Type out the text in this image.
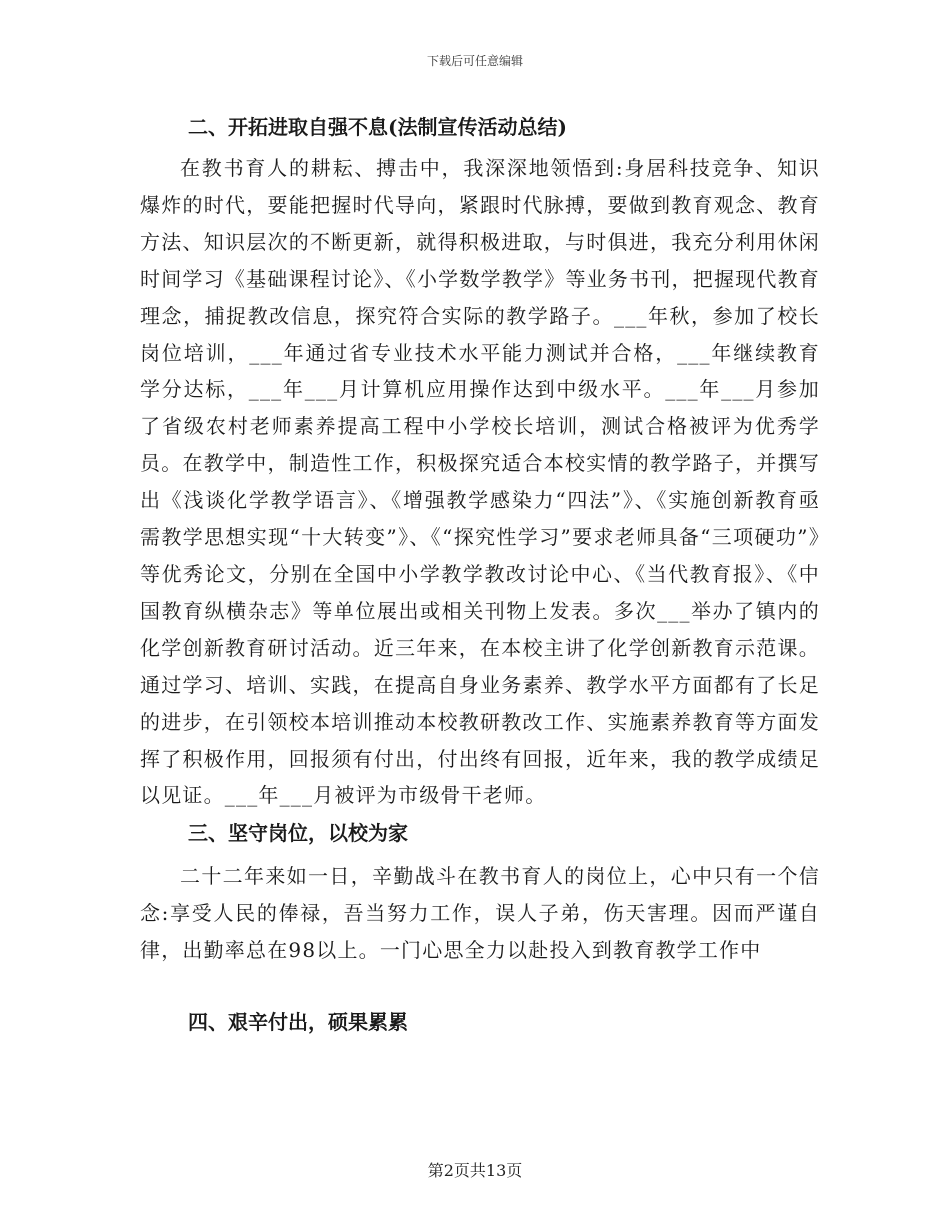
下载后可任意编辑
二、开拓进取自强不息(法制宣传活动总结)

在教书育人的耕耘、搏击中，我深深地领悟到:身居科技竞争、知识爆炸的时代，要能把握时代导向，紧跟时代脉搏，要做到教育观念、教育方法、知识层次的不断更新，就得积极进取，与时俱进，我充分利用休闲时间学习《基础课程讨论》、《小学数学教学》等业务书刊，把握现代教育理念，捕捉教改信息，探究符合实际的教学路子。___年秋，参加了校长岗位培训，___年通过省专业技术水平能力测试并合格，___年继续教育学分达标，___年___月计算机应用操作达到中级水平。___年___月参加了省级农村老师素养提高工程中小学校长培训，测试合格被评为优秀学员。在教学中，制造性工作，积极探究适合本校实情的教学路子，并撰写出《浅谈化学教学语言》、《增强教学感染力“四法”》、《实施创新教育亟需教学思想实现“十大转变”》、《“探究性学习”要求老师具备“三项硬功”》等优秀论文，分别在全国中小学教学教改讨论中心、《当代教育报》、《中国教育纵横杂志》等单位展出或相关刊物上发表。多次___举办了镇内的化学创新教育研讨活动。近三年来，在本校主讲了化学创新教育示范课。通过学习、培训、实践，在提高自身业务素养、教学水平方面都有了长足的进步，在引领校本培训推动本校教研教改工作、实施素养教育等方面发挥了积极作用，回报须有付出，付出终有回报，近年来，我的教学成绩足以见证。___年___月被评为市级骨干老师。

三、坚守岗位，以校为家

二十二年来如一日，辛勤战斗在教书育人的岗位上，心中只有一个信念:享受人民的俸禄，吾当努力工作，误人子弟，伤天害理。因而严谨自律，出勤率总在98以上。一门心思全力以赴投入到教育教学工作中

四、艰辛付出，硕果累累
第2页共13页
